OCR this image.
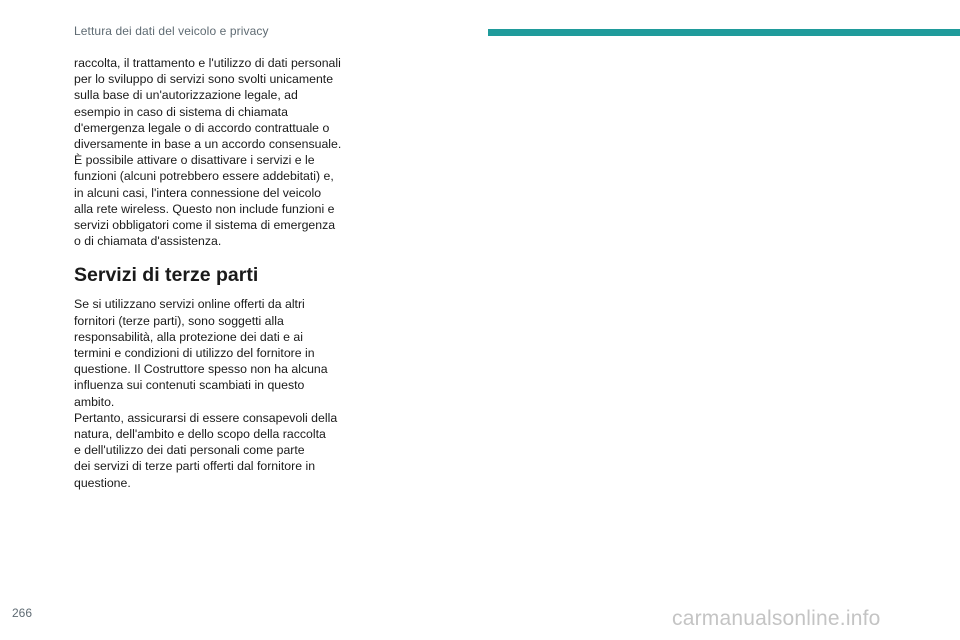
Lettura dei dati del veicolo e privacy

raccolta, il trattamento e l'utilizzo di dati personali
per lo sviluppo di servizi sono svolti unicamente
sulla base di un'autorizzazione legale, ad
esempio in caso di sistema di chiamata
d'emergenza legale o di accordo contrattuale o
diversamente in base a un accordo consensuale.
È possibile attivare o disattivare i servizi e le
funzioni (alcuni potrebbero essere addebitati) e,
in alcuni casi, l'intera connessione del veicolo
alla rete wireless. Questo non include funzioni e
servizi obbligatori come il sistema di emergenza
o di chiamata d'assistenza.

Servizi di terze parti

Se si utilizzano servizi online offerti da altri
fornitori (terze parti), sono soggetti alla
responsabilità, alla protezione dei dati e ai
termini e condizioni di utilizzo del fornitore in
questione. Il Costruttore spesso non ha alcuna
influenza sui contenuti scambiati in questo
ambito.
Pertanto, assicurarsi di essere consapevoli della
natura, dell'ambito e dello scopo della raccolta
e dell'utilizzo dei dati personali come parte
dei servizi di terze parti offerti dal fornitore in
questione.

266	carmanualsonline.info
